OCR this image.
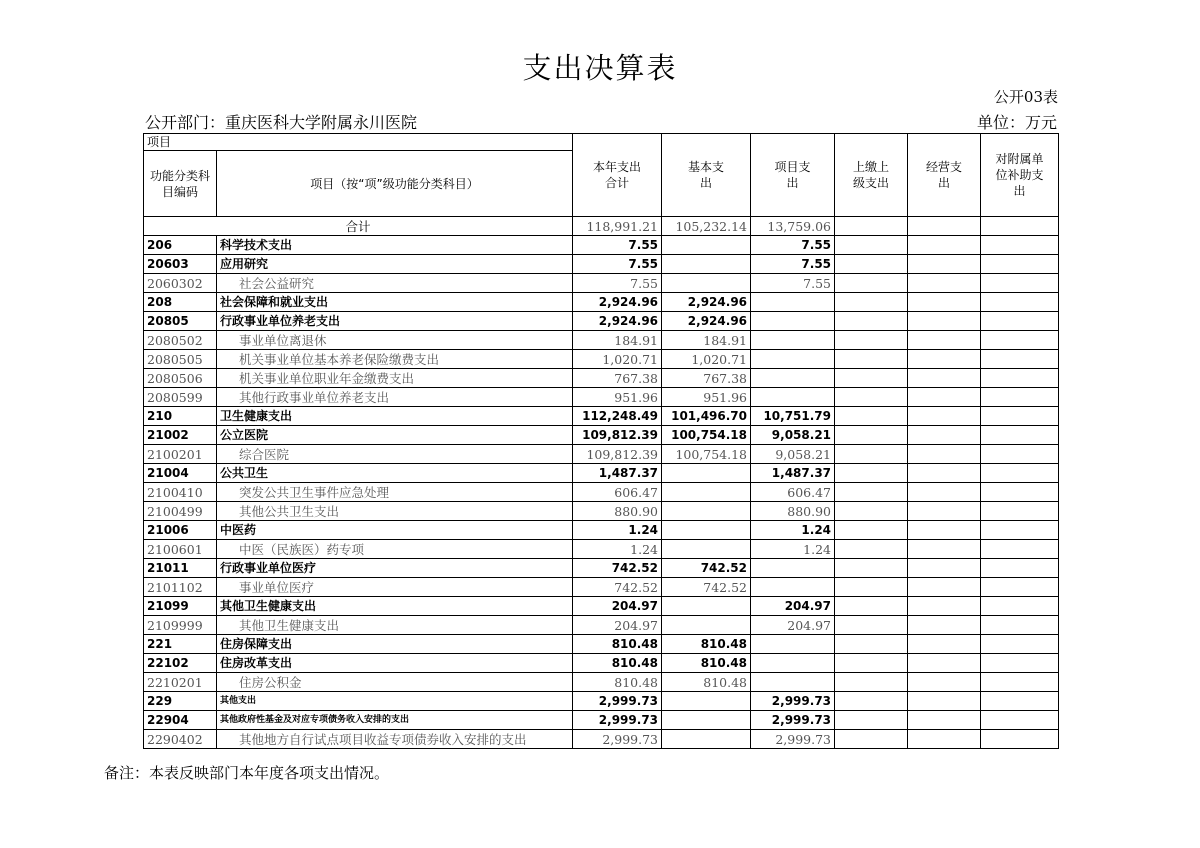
支出决算表
公开03表
公开部门：重庆医科大学附属永川医院	单位：万元
项目		本年支出合计	基本支出	项目支出	上缴上级支出	经营支出	对附属单位补助支出
功能分类科目编码	项目（按“项”级功能分类科目）						
合计		118,991.21	105,232.14	13,759.06			
206	科学技术支出	7.55		7.55			
20603	应用研究	7.55		7.55			
2060302	社会公益研究	7.55		7.55			
208	社会保障和就业支出	2,924.96	2,924.96				
20805	行政事业单位养老支出	2,924.96	2,924.96				
2080502	事业单位离退休	184.91	184.91				
2080505	机关事业单位基本养老保险缴费支出	1,020.71	1,020.71				
2080506	机关事业单位职业年金缴费支出	767.38	767.38				
2080599	其他行政事业单位养老支出	951.96	951.96				
210	卫生健康支出	112,248.49	101,496.70	10,751.79			
21002	公立医院	109,812.39	100,754.18	9,058.21			
2100201	综合医院	109,812.39	100,754.18	9,058.21			
21004	公共卫生	1,487.37		1,487.37			
2100410	突发公共卫生事件应急处理	606.47		606.47			
2100499	其他公共卫生支出	880.90		880.90			
21006	中医药	1.24		1.24			
2100601	中医（民族医）药专项	1.24		1.24			
21011	行政事业单位医疗	742.52	742.52				
2101102	事业单位医疗	742.52	742.52				
21099	其他卫生健康支出	204.97		204.97			
2109999	其他卫生健康支出	204.97		204.97			
221	住房保障支出	810.48	810.48				
22102	住房改革支出	810.48	810.48				
2210201	住房公积金	810.48	810.48				
229	其他支出	2,999.73		2,999.73			
22904	其他政府性基金及对应专项债务收入安排的支出	2,999.73		2,999.73			
2290402	其他地方自行试点项目收益专项债券收入安排的支出	2,999.73		2,999.73			
备注：本表反映部门本年度各项支出情况。
